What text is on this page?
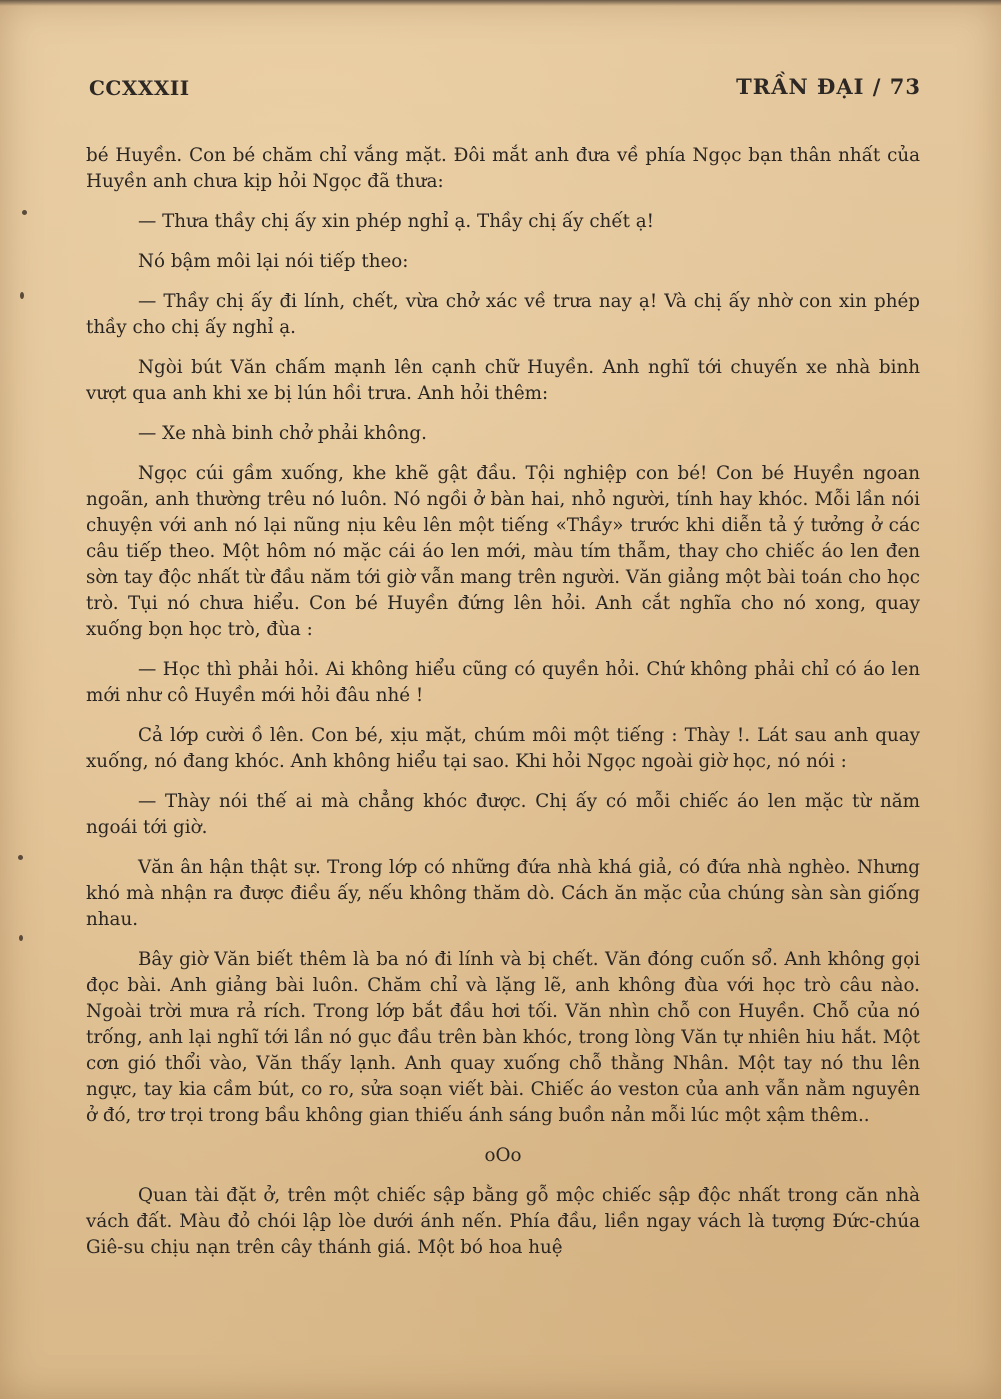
CCXXXII	TRẦN ĐẠI / 73

bé Huyền. Con bé chăm chỉ vắng mặt. Đôi mắt anh đưa về phía Ngọc bạn thân nhất của Huyền anh chưa kịp hỏi Ngọc đã thưa:

— Thưa thầy chị ấy xin phép nghỉ ạ. Thầy chị ấy chết ạ!

Nó bậm môi lại nói tiếp theo:

— Thầy chị ấy đi lính, chết, vừa chở xác về trưa nay ạ! Và chị ấy nhờ con xin phép thầy cho chị ấy nghỉ ạ.

Ngòi bút Văn chấm mạnh lên cạnh chữ Huyền. Anh nghĩ tới chuyến xe nhà binh vượt qua anh khi xe bị lún hồi trưa. Anh hỏi thêm:

— Xe nhà binh chở phải không.

Ngọc cúi gầm xuống, khe khẽ gật đầu. Tội nghiệp con bé! Con bé Huyền ngoan ngoãn, anh thường trêu nó luôn. Nó ngồi ở bàn hai, nhỏ người, tính hay khóc. Mỗi lần nói chuyện với anh nó lại nũng nịu kêu lên một tiếng «Thầy» trước khi diễn tả ý tưởng ở các câu tiếp theo. Một hôm nó mặc cái áo len mới, màu tím thẫm, thay cho chiếc áo len đen sờn tay độc nhất từ đầu năm tới giờ vẫn mang trên người. Văn giảng một bài toán cho học trò. Tụi nó chưa hiểu. Con bé Huyền đứng lên hỏi. Anh cắt nghĩa cho nó xong, quay xuống bọn học trò, đùa :

— Học thì phải hỏi. Ai không hiểu cũng có quyền hỏi. Chứ không phải chỉ có áo len mới như cô Huyền mới hỏi đâu nhé !

Cả lớp cười ồ lên. Con bé, xịu mặt, chúm môi một tiếng : Thày !. Lát sau anh quay xuống, nó đang khóc. Anh không hiểu tại sao. Khi hỏi Ngọc ngoài giờ học, nó nói :

— Thày nói thế ai mà chẳng khóc được. Chị ấy có mỗi chiếc áo len mặc từ năm ngoái tới giờ.

Văn ân hận thật sự. Trong lớp có những đứa nhà khá giả, có đứa nhà nghèo. Nhưng khó mà nhận ra được điều ấy, nếu không thăm dò. Cách ăn mặc của chúng sàn sàn giống nhau.

Bây giờ Văn biết thêm là ba nó đi lính và bị chết. Văn đóng cuốn sổ. Anh không gọi đọc bài. Anh giảng bài luôn. Chăm chỉ và lặng lẽ, anh không đùa với học trò câu nào. Ngoài trời mưa rả rích. Trong lớp bắt đầu hơi tối. Văn nhìn chỗ con Huyền. Chỗ của nó trống, anh lại nghĩ tới lần nó gục đầu trên bàn khóc, trong lòng Văn tự nhiên hiu hắt. Một cơn gió thổi vào, Văn thấy lạnh. Anh quay xuống chỗ thằng Nhân. Một tay nó thu lên ngực, tay kia cầm bút, co ro, sửa soạn viết bài. Chiếc áo veston của anh vẫn nằm nguyên ở đó, trơ trọi trong bầu không gian thiếu ánh sáng buồn nản mỗi lúc một xậm thêm..

oOo

Quan tài đặt ở, trên một chiếc sập bằng gỗ mộc chiếc sập độc nhất trong căn nhà vách đất. Màu đỏ chói lập lòe dưới ánh nến. Phía đầu, liền ngay vách là tượng Đức-chúa Giê-su chịu nạn trên cây thánh giá. Một bó hoa huệ
